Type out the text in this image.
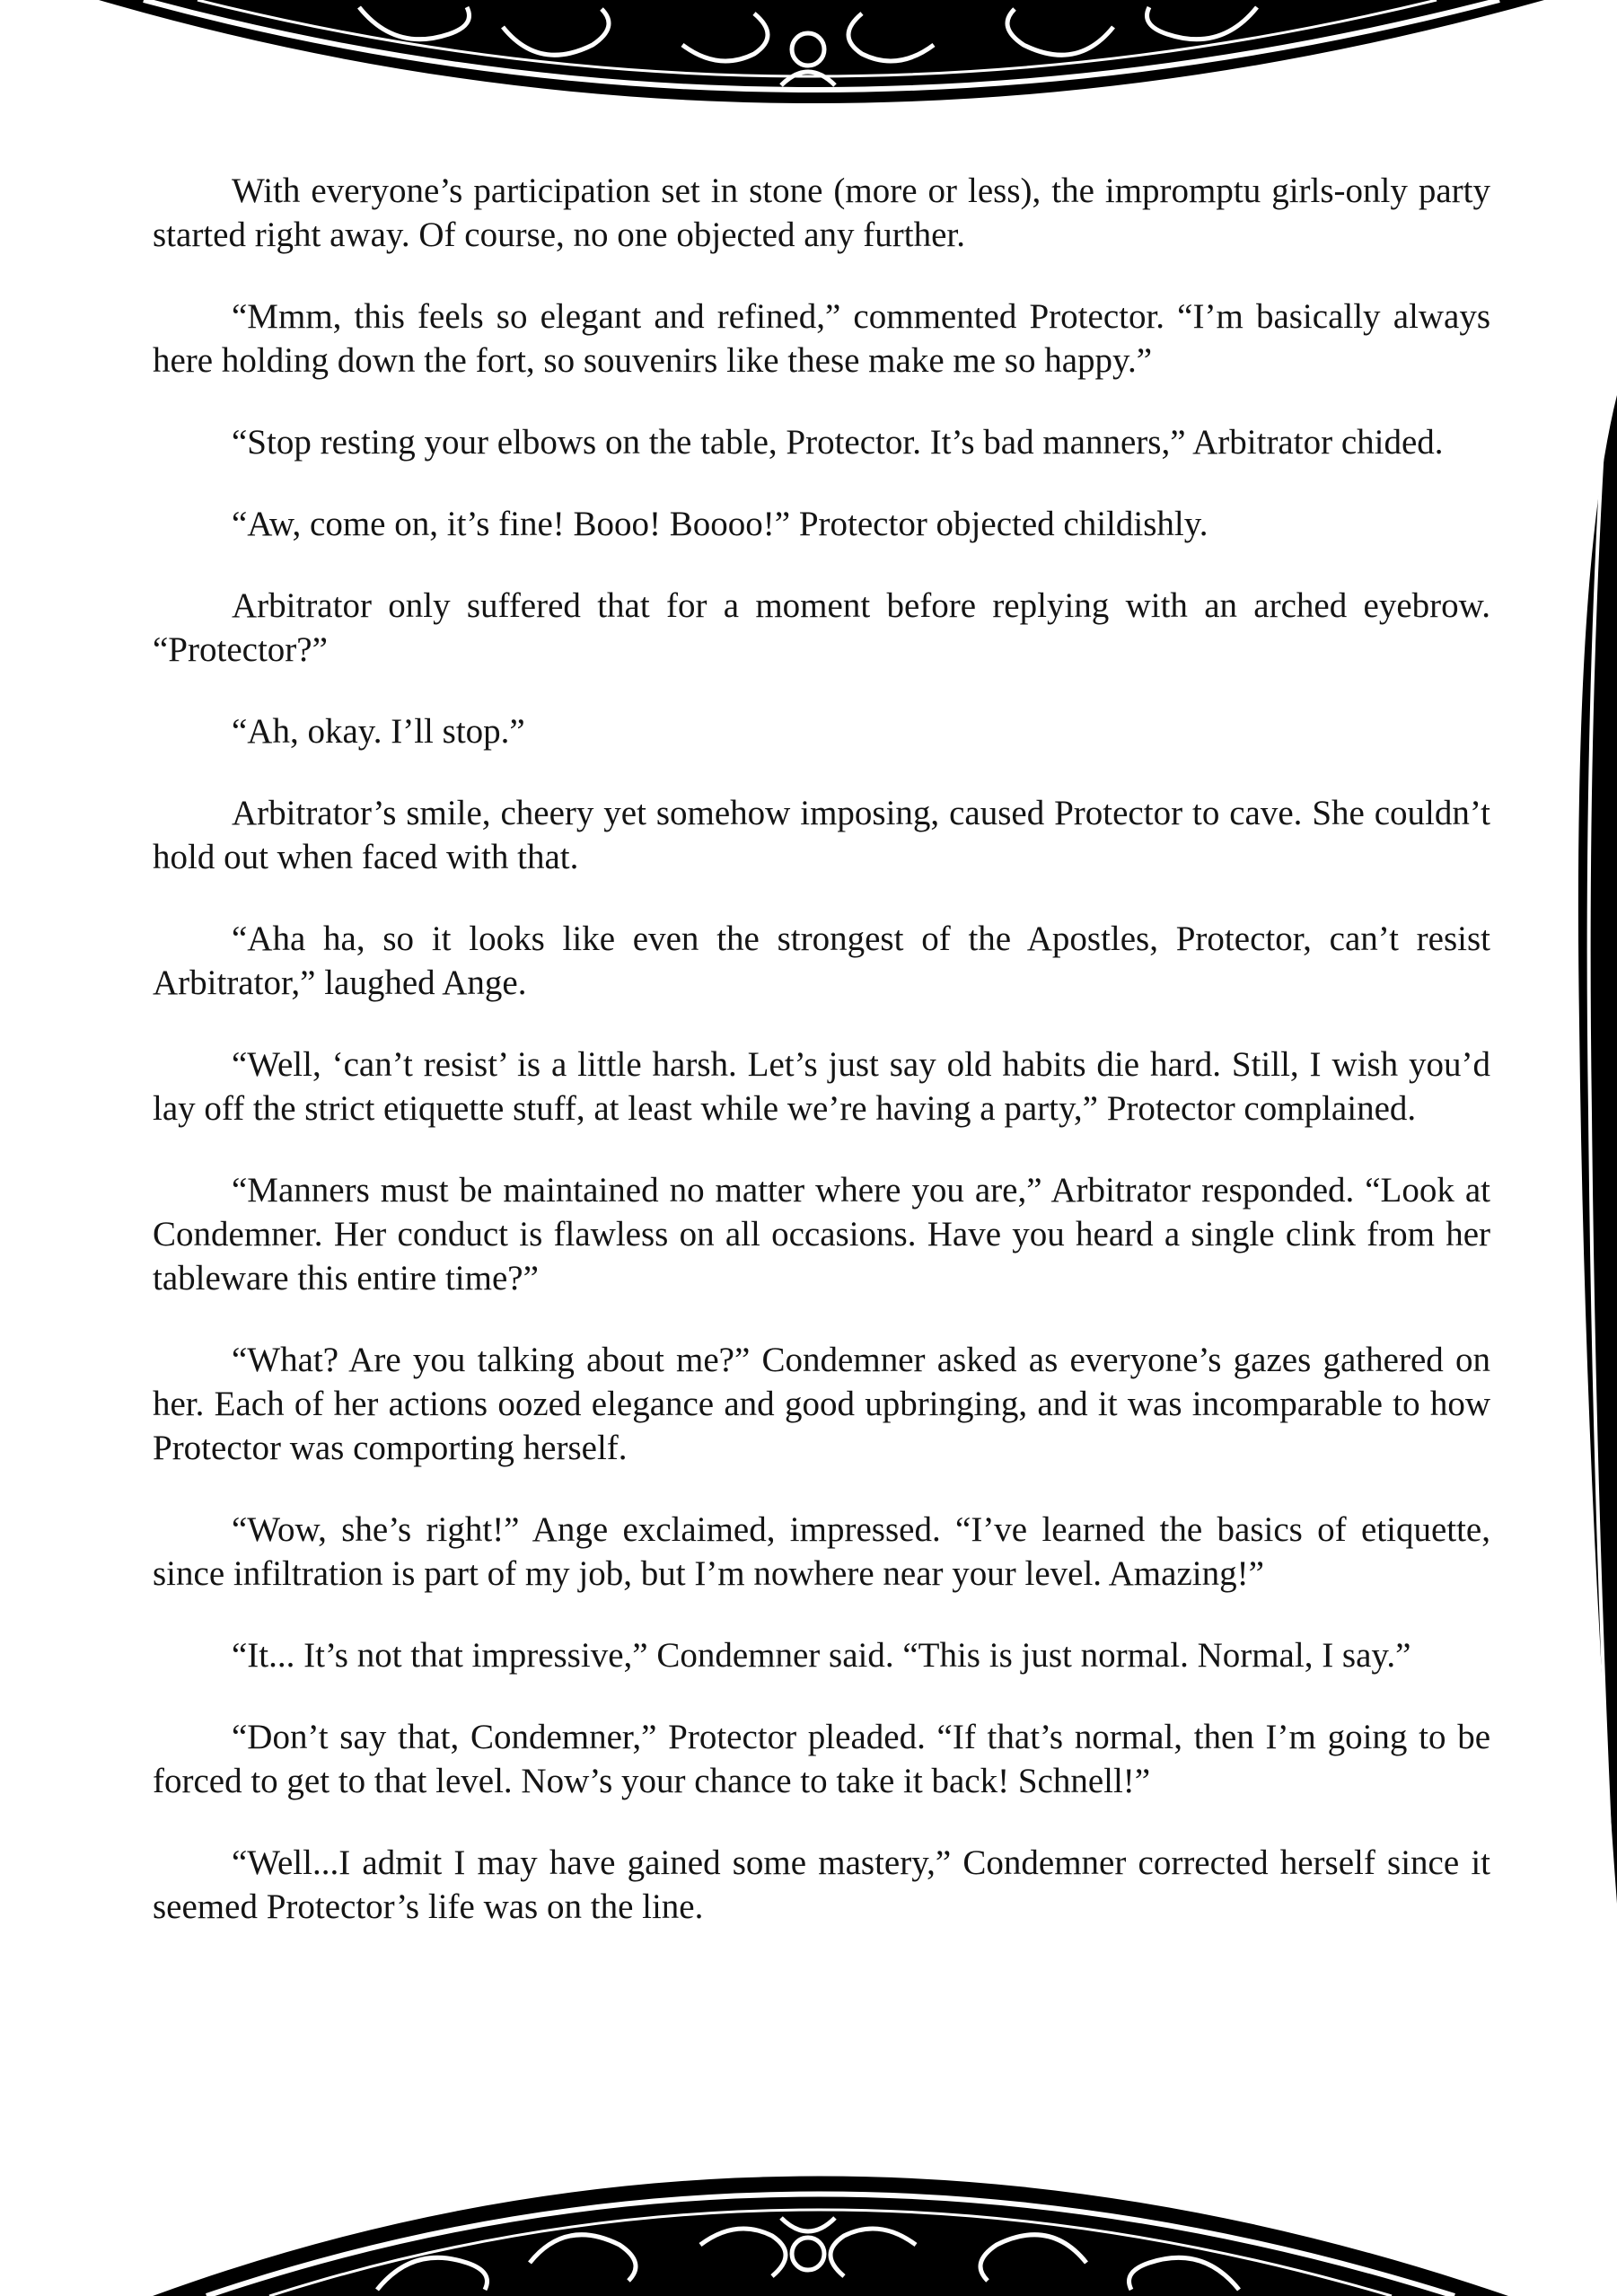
With everyone’s participation set in stone (more or less), the impromptu girls-only party started right away. Of course, no one objected any further.

“Mmm, this feels so elegant and refined,” commented Protector. “I’m basically always here holding down the fort, so souvenirs like these make me so happy.”

“Stop resting your elbows on the table, Protector. It’s bad manners,” Arbitrator chided.

“Aw, come on, it’s fine! Booo! Boooo!” Protector objected childishly.

Arbitrator only suffered that for a moment before replying with an arched eyebrow. “Protector?”

“Ah, okay. I’ll stop.”

Arbitrator’s smile, cheery yet somehow imposing, caused Protector to cave. She couldn’t hold out when faced with that.

“Aha ha, so it looks like even the strongest of the Apostles, Protector, can’t resist Arbitrator,” laughed Ange.

“Well, ‘can’t resist’ is a little harsh. Let’s just say old habits die hard. Still, I wish you’d lay off the strict etiquette stuff, at least while we’re having a party,” Protector complained.

“Manners must be maintained no matter where you are,” Arbitrator responded. “Look at Condemner. Her conduct is flawless on all occasions. Have you heard a single clink from her tableware this entire time?”

“What? Are you talking about me?” Condemner asked as everyone’s gazes gathered on her. Each of her actions oozed elegance and good upbringing, and it was incomparable to how Protector was comporting herself.

“Wow, she’s right!” Ange exclaimed, impressed. “I’ve learned the basics of etiquette, since infiltration is part of my job, but I’m nowhere near your level. Amazing!”

“It... It’s not that impressive,” Condemner said. “This is just normal. Normal, I say.”

“Don’t say that, Condemner,” Protector pleaded. “If that’s normal, then I’m going to be forced to get to that level. Now’s your chance to take it back! Schnell!”

“Well...I admit I may have gained some mastery,” Condemner corrected herself since it seemed Protector’s life was on the line.
